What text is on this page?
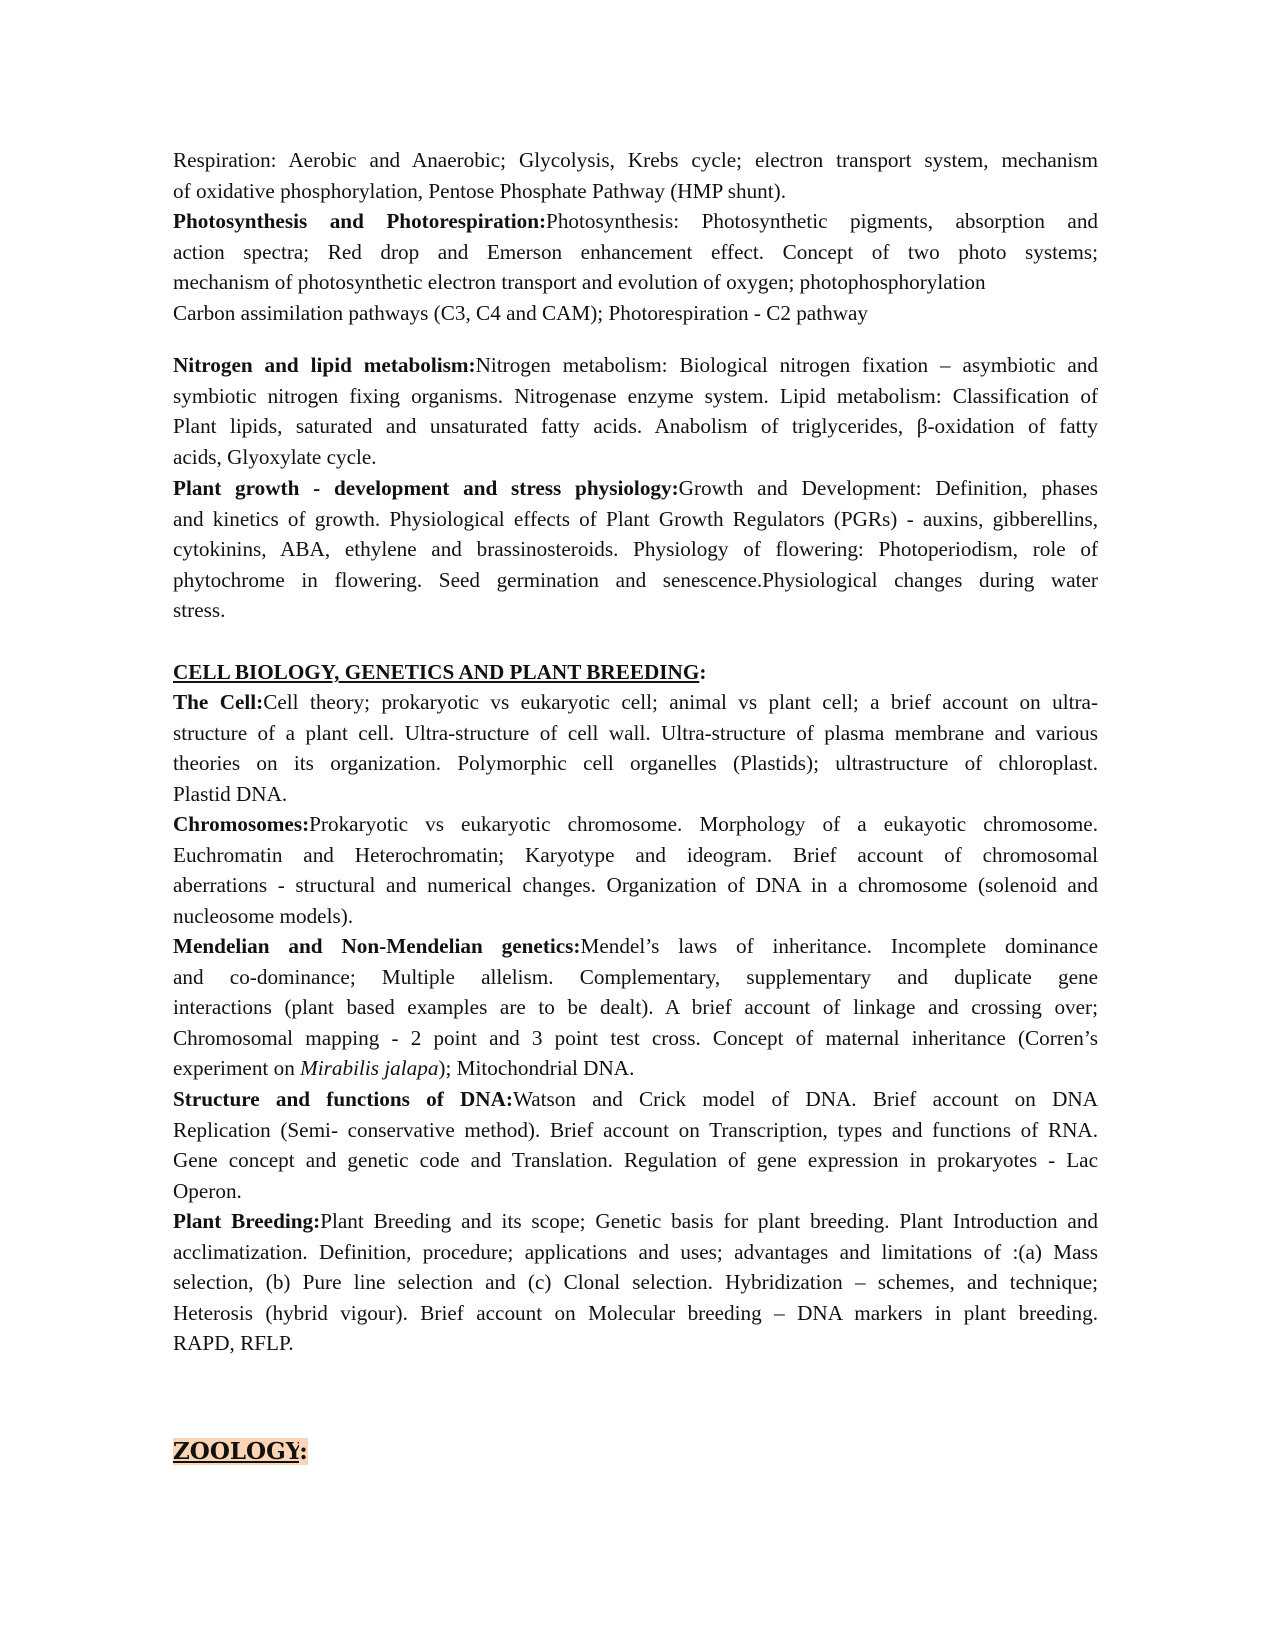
Respiration: Aerobic and Anaerobic; Glycolysis, Krebs cycle; electron transport system, mechanism
of oxidative phosphorylation, Pentose Phosphate Pathway (HMP shunt).
Photosynthesis and Photorespiration:Photosynthesis: Photosynthetic pigments, absorption and
action spectra; Red drop and Emerson enhancement effect. Concept of two photo systems;
mechanism of photosynthetic electron transport and evolution of oxygen; photophosphorylation
Carbon assimilation pathways (C3, C4 and CAM); Photorespiration - C2 pathway
Nitrogen and lipid metabolism:Nitrogen metabolism: Biological nitrogen fixation – asymbiotic and
symbiotic nitrogen fixing organisms. Nitrogenase enzyme system. Lipid metabolism: Classification of
Plant lipids, saturated and unsaturated fatty acids. Anabolism of triglycerides, β-oxidation of fatty
acids, Glyoxylate cycle.
Plant growth - development and stress physiology:Growth and Development: Definition, phases
and kinetics of growth. Physiological effects of Plant Growth Regulators (PGRs) - auxins, gibberellins,
cytokinins, ABA, ethylene and brassinosteroids. Physiology of flowering: Photoperiodism, role of
phytochrome in flowering. Seed germination and senescence.Physiological changes during water
stress.
CELL BIOLOGY, GENETICS AND PLANT BREEDING:
The Cell:Cell theory; prokaryotic vs eukaryotic cell; animal vs plant cell; a brief account on ultra-
structure of a plant cell. Ultra-structure of cell wall. Ultra-structure of plasma membrane and various
theories on its organization. Polymorphic cell organelles (Plastids); ultrastructure of chloroplast.
Plastid DNA.
Chromosomes:Prokaryotic vs eukaryotic chromosome. Morphology of a eukayotic chromosome.
Euchromatin and Heterochromatin; Karyotype and ideogram. Brief account of chromosomal
aberrations - structural and numerical changes. Organization of DNA in a chromosome (solenoid and
nucleosome models).
Mendelian and Non-Mendelian genetics:Mendel’s laws of inheritance. Incomplete dominance
and co-dominance; Multiple allelism. Complementary, supplementary and duplicate gene
interactions (plant based examples are to be dealt). A brief account of linkage and crossing over;
Chromosomal mapping - 2 point and 3 point test cross. Concept of maternal inheritance (Corren’s
experiment on Mirabilis jalapa); Mitochondrial DNA.
Structure and functions of DNA:Watson and Crick model of DNA. Brief account on DNA
Replication (Semi- conservative method). Brief account on Transcription, types and functions of RNA.
Gene concept and genetic code and Translation. Regulation of gene expression in prokaryotes - Lac
Operon.
Plant Breeding:Plant Breeding and its scope; Genetic basis for plant breeding. Plant Introduction and
acclimatization. Definition, procedure; applications and uses; advantages and limitations of :(a) Mass
selection, (b) Pure line selection and (c) Clonal selection. Hybridization – schemes, and technique;
Heterosis (hybrid vigour). Brief account on Molecular breeding – DNA markers in plant breeding.
RAPD, RFLP.
ZOOLOGY:
